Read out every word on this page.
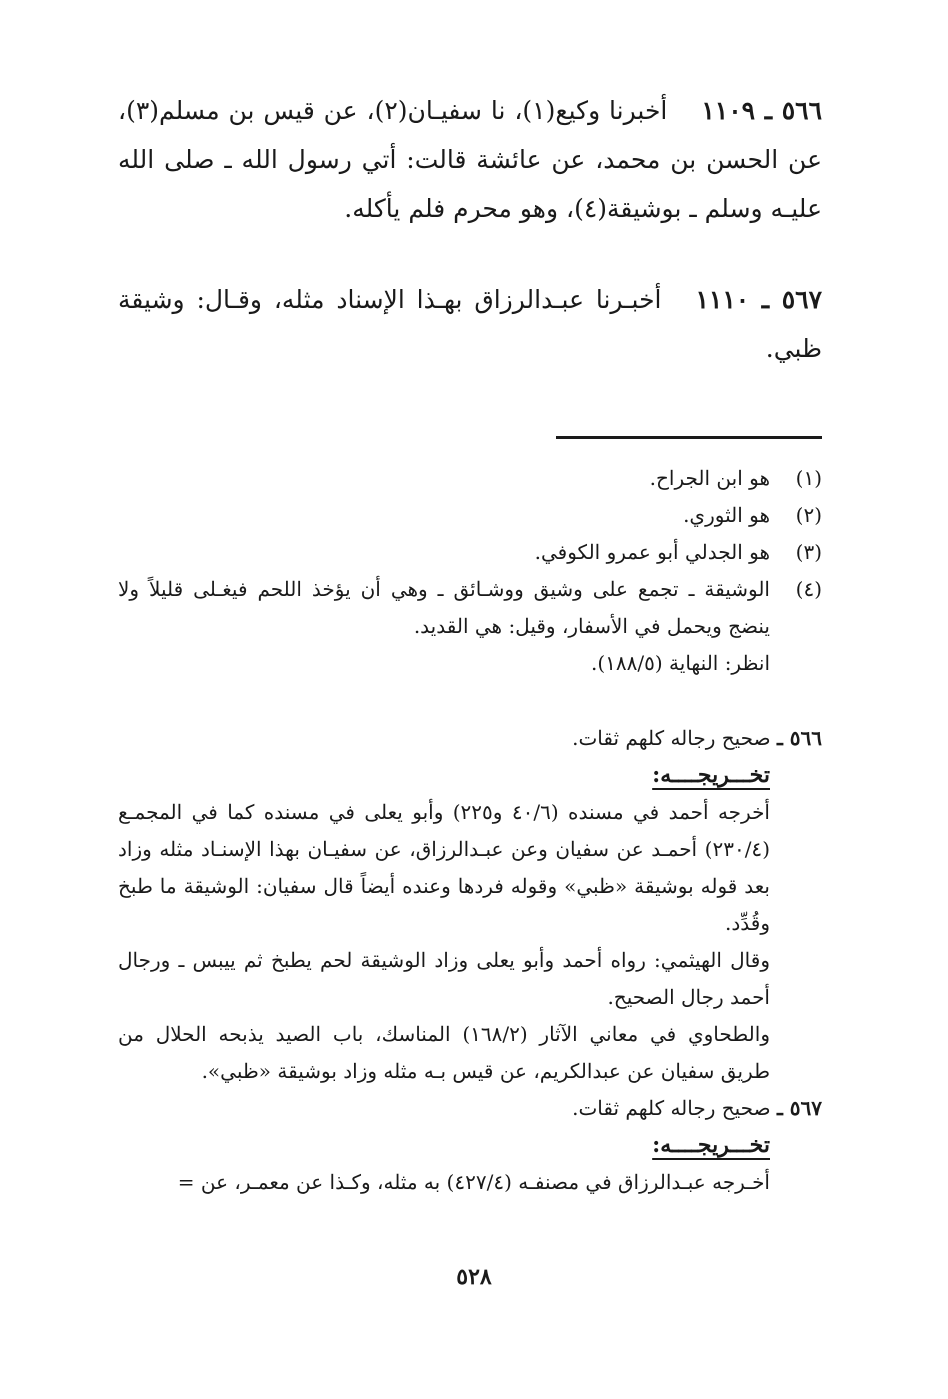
٥٦٦ ـ ١١٠٩أخبرنا وكيع(١)، نا سفيـان(٢)، عن قيس بن مسلم(٣)، عن الحسن بن محمد، عن عائشة قالت: أتي رسول الله ـ صلى الله عليـه وسلم ـ بوشيقة(٤)، وهو محرم فلم يأكله.
٥٦٧ ـ ١١١٠أخبـرنا عبـدالرزاق بهـذا الإسناد مثله، وقـال: وشيقة ظبي.
(١)
هو ابن الجراح.
(٢)
هو الثوري.
(٣)
هو الجدلي أبو عمرو الكوفي.
(٤)
الوشيقة ـ تجمع على وشيق ووشـائق ـ وهي أن يؤخذ اللحم فيغـلى قليلاً ولا ينضج ويحمل في الأسفار، وقيل: هي القديد.
انظر: النهاية (١٨٨/٥).
٥٦٦ ـ صحيح رجاله كلهم ثقات.
تخـــريجــــه:
أخرجه أحمد في مسنده (٤٠/٦ و٢٢٥) وأبو يعلى في مسنده كما في المجمـع (٢٣٠/٤) أحمـد عن سفيان وعن عبـدالرزاق، عن سفيـان بهذا الإسنـاد مثله وزاد بعد قوله بوشيقة «ظبي» وقوله فردها وعنده أيضاً قال سفيان: الوشيقة ما طبخ وقُدِّد.
وقال الهيثمي: رواه أحمد وأبو يعلى وزاد الوشيقة لحم يطبخ ثم ييبس ـ ورجال أحمد رجال الصحيح.
والطحاوي في معاني الآثار (١٦٨/٢) المناسك، باب الصيد يذبحه الحلال من طريق سفيان عن عبدالكريم، عن قيس بـه مثله وزاد بوشيقة «ظبي».
٥٦٧ ـ صحيح رجاله كلهم ثقات.
تخـــريجــــه:
أخـرجه عبـدالرزاق في مصنفـه (٤٢٧/٤) به مثله، وكـذا عن معمـر، عن =
٥٢٨
